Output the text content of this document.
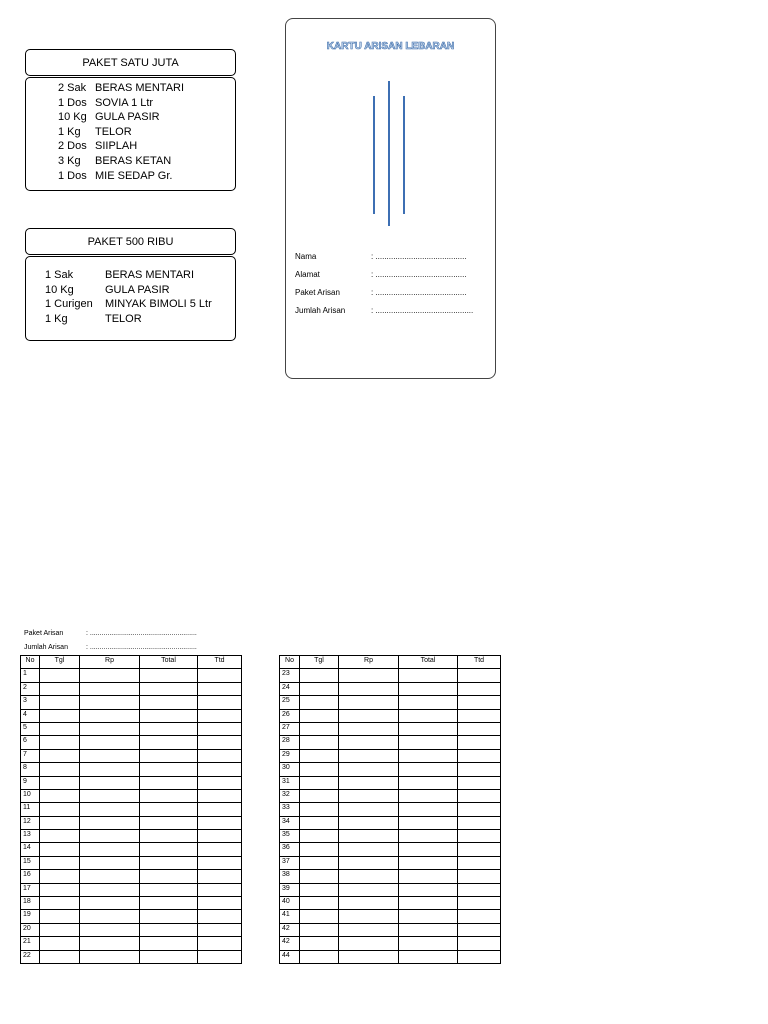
PAKET SATU JUTA
2 Sak BERAS MENTARI
1 Dos SOVIA 1 Ltr
10 Kg GULA PASIR
1 Kg	TELOR
2 Dos SIIPLAH
3 Kg	BERAS KETAN
1 Dos MIE SEDAP Gr.
PAKET 500 RIBU
1 Sak	BERAS MENTARI
10 Kg	GULA PASIR
1 Curigen	MINYAK BIMOLI 5 Ltr
1 Kg	TELOR
KARTU ARISAN LEBARAN
Nama	: .........................................
Alamat	: .........................................
Paket Arisan	: .........................................
Jumlah Arisan	: ............................................
Paket Arisan	: .......................................................
Jumlah Arisan	: .......................................................
No	Tgl	Rp	Total	Ttd
1				
2				
3				
4				
5				
6				
7				
8				
9				
10				
11				
12				
13				
14				
15				
16				
17				
18				
19				
20				
21				
22				
No	Tgl	Rp	Total	Ttd
23				
24				
25				
26				
27				
28				
29				
30				
31				
32				
33				
34				
35				
36				
37				
38				
39				
40				
41				
42				
42				
44				
